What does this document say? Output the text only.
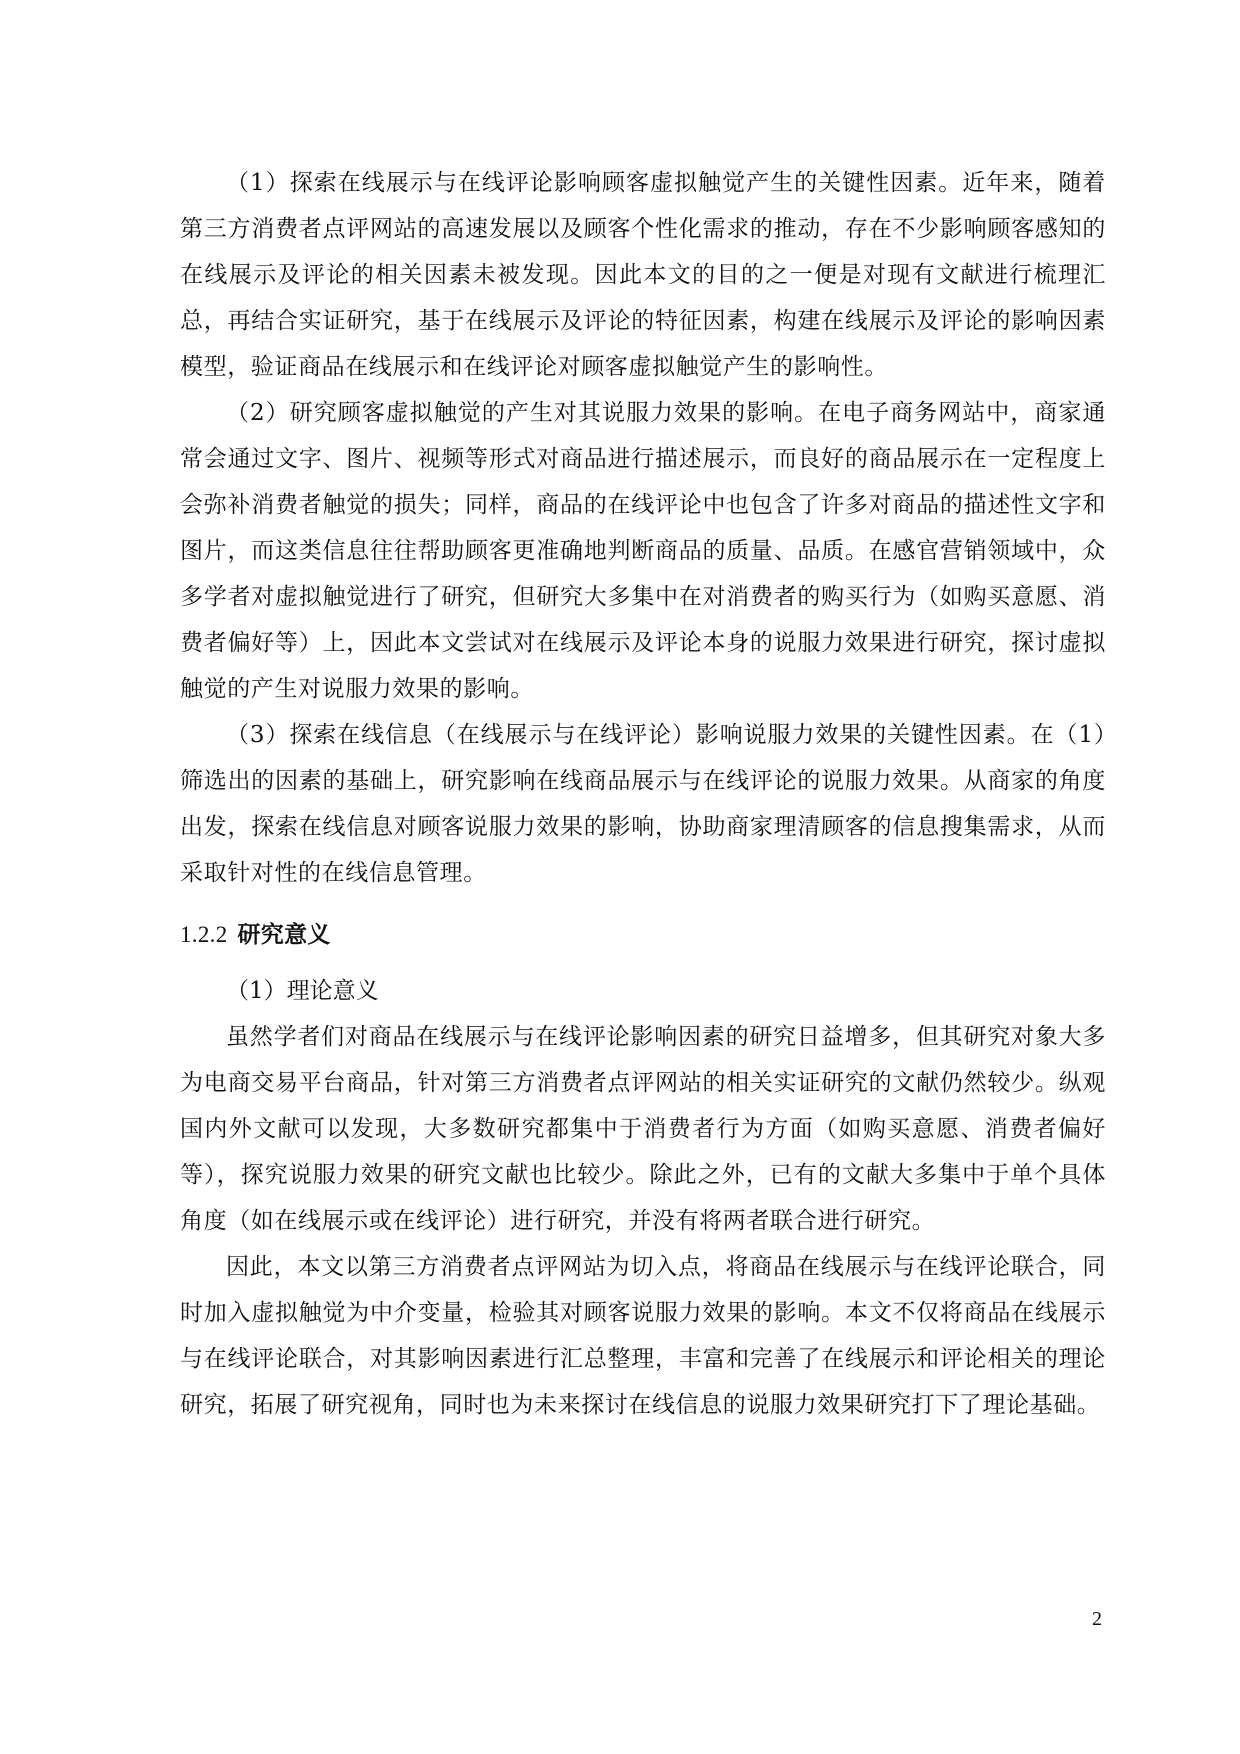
（1）探索在线展示与在线评论影响顾客虚拟触觉产生的关键性因素。近年来，随着第三方消费者点评网站的高速发展以及顾客个性化需求的推动，存在不少影响顾客感知的在线展示及评论的相关因素未被发现。因此本文的目的之一便是对现有文献进行梳理汇总，再结合实证研究，基于在线展示及评论的特征因素，构建在线展示及评论的影响因素模型，验证商品在线展示和在线评论对顾客虚拟触觉产生的影响性。

（2）研究顾客虚拟触觉的产生对其说服力效果的影响。在电子商务网站中，商家通常会通过文字、图片、视频等形式对商品进行描述展示，而良好的商品展示在一定程度上会弥补消费者触觉的损失；同样，商品的在线评论中也包含了许多对商品的描述性文字和图片，而这类信息往往帮助顾客更准确地判断商品的质量、品质。在感官营销领域中，众多学者对虚拟触觉进行了研究，但研究大多集中在对消费者的购买行为（如购买意愿、消费者偏好等）上，因此本文尝试对在线展示及评论本身的说服力效果进行研究，探讨虚拟触觉的产生对说服力效果的影响。

（3）探索在线信息（在线展示与在线评论）影响说服力效果的关键性因素。在（1）筛选出的因素的基础上，研究影响在线商品展示与在线评论的说服力效果。从商家的角度出发，探索在线信息对顾客说服力效果的影响，协助商家理清顾客的信息搜集需求，从而采取针对性的在线信息管理。

1.2.2 研究意义

（1）理论意义

虽然学者们对商品在线展示与在线评论影响因素的研究日益增多，但其研究对象大多为电商交易平台商品，针对第三方消费者点评网站的相关实证研究的文献仍然较少。纵观国内外文献可以发现，大多数研究都集中于消费者行为方面（如购买意愿、消费者偏好等），探究说服力效果的研究文献也比较少。除此之外，已有的文献大多集中于单个具体角度（如在线展示或在线评论）进行研究，并没有将两者联合进行研究。

因此，本文以第三方消费者点评网站为切入点，将商品在线展示与在线评论联合，同时加入虚拟触觉为中介变量，检验其对顾客说服力效果的影响。本文不仅将商品在线展示与在线评论联合，对其影响因素进行汇总整理，丰富和完善了在线展示和评论相关的理论研究，拓展了研究视角，同时也为未来探讨在线信息的说服力效果研究打下了理论基础。

2
